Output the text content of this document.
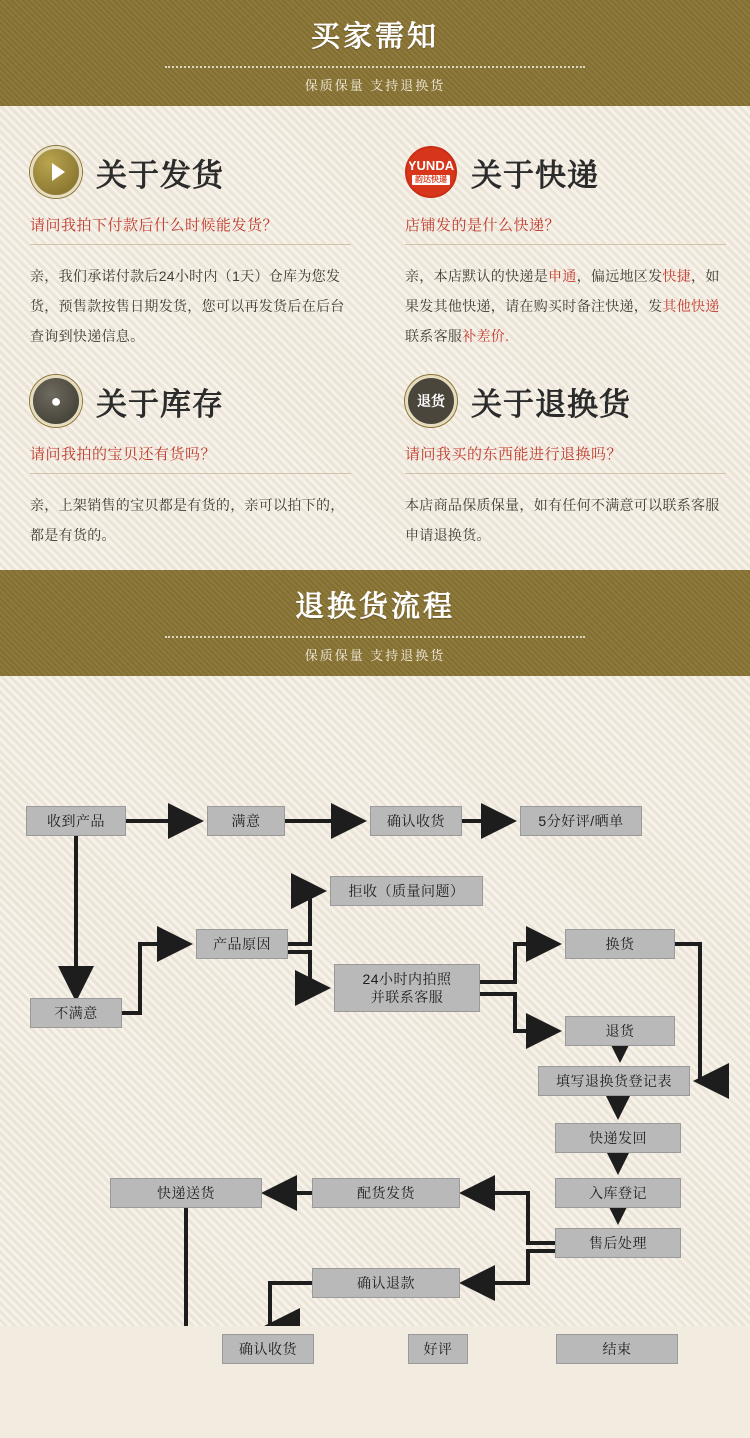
买家需知
保质保量 支持退换货
关于发货
请问我拍下付款后什么时候能发货？
亲，我们承诺付款后24小时内（1天）仓库为您发货，预售款按售日期发货，您可以再发货后在后台查询到快递信息。
YUNDA
韵达快递 关于快递
店铺发的是什么快递？
亲，本店默认的快递是申通，偏远地区发快捷，如果发其他快递，请在购买时备注快递，发其他快递联系客服补差价.
●	关于库存
请问我拍的宝贝还有货吗？
亲，上架销售的宝贝都是有货的，亲可以拍下的，都是有货的。
退货 关于退换货
请问我买的东西能进行退换吗？
本店商品保质保量，如有任何不满意可以联系客服申请退换货。
退换货流程
保质保量 支持退换货
收到产品	满意	确认收货	5分好评/晒单
拒收（质量问题）
产品原因
24小时内拍照
并联系客服
换货
退货
不满意
填写退换货登记表
快递发回
入库登记
售后处理
配货发货
快递送货
确认退款
确认收货	好评	结束
